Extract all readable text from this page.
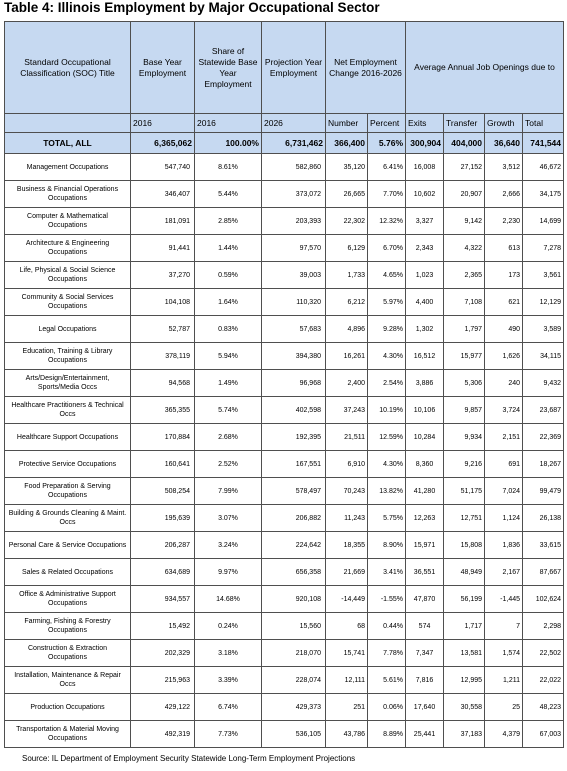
Table 4: Illinois Employment by Major Occupational Sector
Standard Occupational Classification (SOC) Title	Base Year Employment	Share of Statewide Base Year Employment	Projection Year Employment	Net Employment Change 2016-2026		Average Annual Job Openings due to			
	2016	2016	2026	Number	Percent	Exits	Transfer	Growth	Total
TOTAL, ALL	6,365,062	100.00%	6,731,462	366,400	5.76%	300,904	404,000	36,640	741,544
Management Occupations	547,740	8.61%	582,860	35,120	6.41%	16,008	27,152	3,512	46,672
Business & Financial Operations Occupations	346,407	5.44%	373,072	26,665	7.70%	10,602	20,907	2,666	34,175
Computer & Mathematical Occupations	181,091	2.85%	203,393	22,302	12.32%	3,327	9,142	2,230	14,699
Architecture & Engineering Occupations	91,441	1.44%	97,570	6,129	6.70%	2,343	4,322	613	7,278
Life, Physical & Social Science Occupations	37,270	0.59%	39,003	1,733	4.65%	1,023	2,365	173	3,561
Community & Social Services Occupations	104,108	1.64%	110,320	6,212	5.97%	4,400	7,108	621	12,129
Legal Occupations	52,787	0.83%	57,683	4,896	9.28%	1,302	1,797	490	3,589
Education, Training & Library Occupations	378,119	5.94%	394,380	16,261	4.30%	16,512	15,977	1,626	34,115
Arts/Design/Entertainment, Sports/Media Occs	94,568	1.49%	96,968	2,400	2.54%	3,886	5,306	240	9,432
Healthcare Practitioners & Technical Occs	365,355	5.74%	402,598	37,243	10.19%	10,106	9,857	3,724	23,687
Healthcare Support Occupations	170,884	2.68%	192,395	21,511	12.59%	10,284	9,934	2,151	22,369
Protective Service Occupations	160,641	2.52%	167,551	6,910	4.30%	8,360	9,216	691	18,267
Food Preparation & Serving Occupations	508,254	7.99%	578,497	70,243	13.82%	41,280	51,175	7,024	99,479
Building & Grounds Cleaning & Maint. Occs	195,639	3.07%	206,882	11,243	5.75%	12,263	12,751	1,124	26,138
Personal Care & Service Occupations	206,287	3.24%	224,642	18,355	8.90%	15,971	15,808	1,836	33,615
Sales & Related Occupations	634,689	9.97%	656,358	21,669	3.41%	36,551	48,949	2,167	87,667
Office & Administrative Support Occupations	934,557	14.68%	920,108	-14,449	-1.55%	47,870	56,199	-1,445	102,624
Farming, Fishing & Forestry Occupations	15,492	0.24%	15,560	68	0.44%	574	1,717	7	2,298
Construction & Extraction Occupations	202,329	3.18%	218,070	15,741	7.78%	7,347	13,581	1,574	22,502
Installation, Maintenance & Repair Occs	215,963	3.39%	228,074	12,111	5.61%	7,816	12,995	1,211	22,022
Production Occupations	429,122	6.74%	429,373	251	0.06%	17,640	30,558	25	48,223
Transportation & Material Moving Occupations	492,319	7.73%	536,105	43,786	8.89%	25,441	37,183	4,379	67,003
Source: IL Department of Employment Security Statewide Long-Term Employment Projections
